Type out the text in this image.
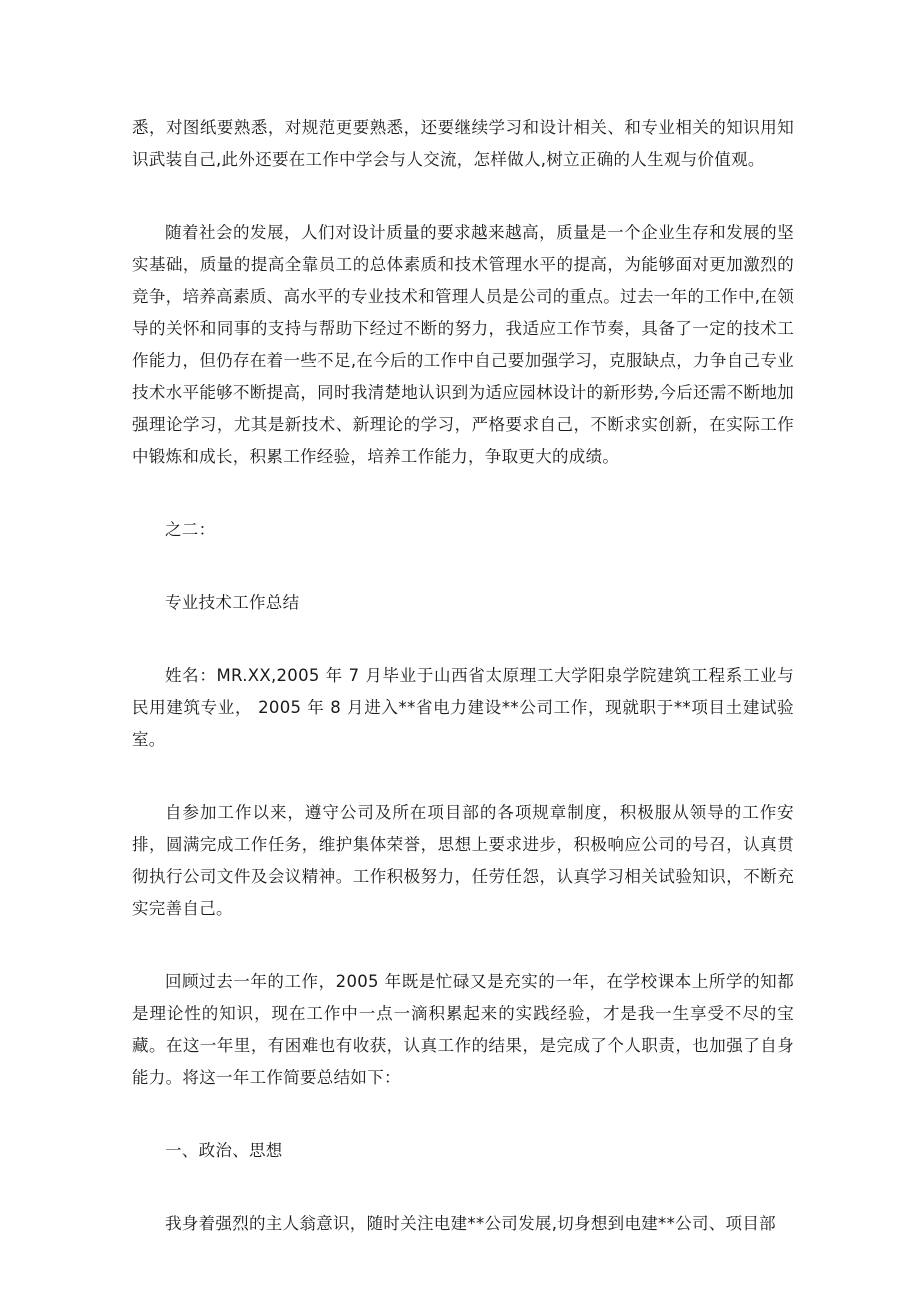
悉，对图纸要熟悉，对规范更要熟悉，还要继续学习和设计相关、和专业相关的知识用知识武装自己,此外还要在工作中学会与人交流，怎样做人,树立正确的人生观与价值观。

随着社会的发展，人们对设计质量的要求越来越高，质量是一个企业生存和发展的坚实基础，质量的提高全靠员工的总体素质和技术管理水平的提高，为能够面对更加激烈的竞争，培养高素质、高水平的专业技术和管理人员是公司的重点。过去一年的工作中,在领导的关怀和同事的支持与帮助下经过不断的努力，我适应工作节奏，具备了一定的技术工作能力，但仍存在着一些不足,在今后的工作中自己要加强学习，克服缺点，力争自己专业技术水平能够不断提高，同时我清楚地认识到为适应园林设计的新形势,今后还需不断地加强理论学习，尤其是新技术、新理论的学习，严格要求自己，不断求实创新，在实际工作中锻炼和成长，积累工作经验，培养工作能力，争取更大的成绩。

之二：

专业技术工作总结

姓名：MR.XX,2005 年 7 月毕业于山西省太原理工大学阳泉学院建筑工程系工业与民用建筑专业， 2005 年 8 月进入**省电力建设**公司工作，现就职于**项目土建试验室。

自参加工作以来，遵守公司及所在项目部的各项规章制度，积极服从领导的工作安排，圆满完成工作任务，维护集体荣誉，思想上要求进步，积极响应公司的号召，认真贯彻执行公司文件及会议精神。工作积极努力，任劳任怨，认真学习相关试验知识，不断充实完善自己。

回顾过去一年的工作，2005 年既是忙碌又是充实的一年，在学校课本上所学的知都是理论性的知识，现在工作中一点一滴积累起来的实践经验，才是我一生享受不尽的宝藏。在这一年里，有困难也有收获，认真工作的结果，是完成了个人职责，也加强了自身能力。将这一年工作简要总结如下：

一、政治、思想

我身着强烈的主人翁意识，随时关注电建**公司发展,切身想到电建**公司、项目部
